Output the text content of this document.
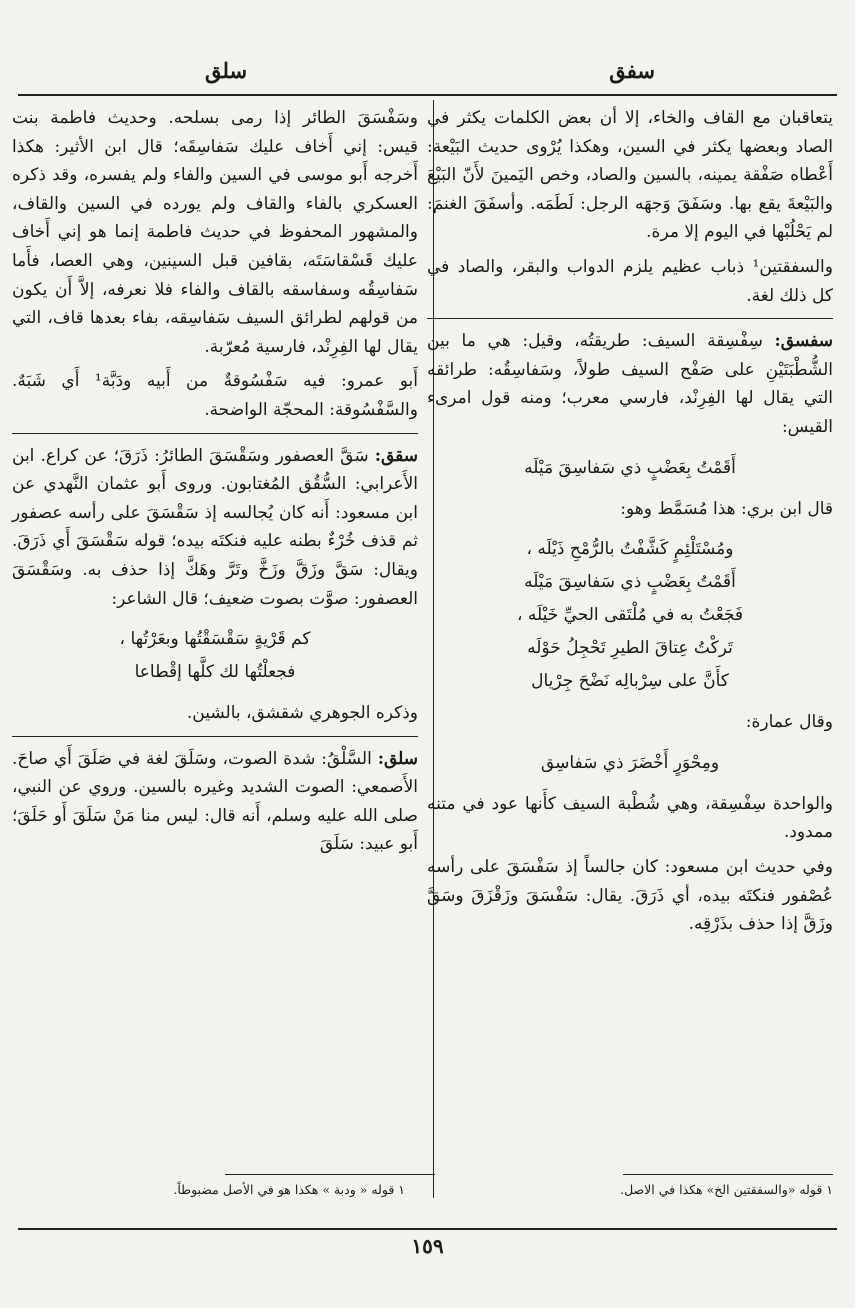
سفق
سلق

يتعاقبان مع القاف والخاء، إلا أن بعض الكلمات يكثر في الصاد وبعضها يكثر في السين، وهكذا يُرْوى حديث البَيْعة: أَعْطاه صَفْقة يمينه، بالسين والصاد، وخص اليَمينَ لأَنّ البَيْعَ والبَيْعةَ يقع بها. وسَفَقَ وَجهَه الرجل: لَطَمَه. وأسفَقَ الغنمَ: لم يَحْلُبْها في اليوم إلا مرة.

والسفقتين¹ ذباب عظيم يلزم الدواب والبقر، والصاد في كل ذلك لغة.

سفسق: سِفْسِقة السيف: طريقتُه، وقيل: هي ما بين الشُّطْبَتَيْنِ على صَفْح السيف طولاً، وسَفاسِقُه: طرائقه التي يقال لها الفِرِنْد، فارسي معرب؛ ومنه قول امرىء القيس:

أَقَمْتُ بِعَضْبٍ ذي سَفاسِقَ مَيْلَه

قال ابن بري: هذا مُسَمَّط وهو:

ومُسْتَلْئِمٍ كَشَّفْتُ بالرُّمْحِ ذَيْلَه ،
أَقَمْتُ بِعَضْبٍ ذي سَفاسِقَ مَيْلَه
فَجَعْتُ به في مُلْتَقى الحيِّ خَيْلَه ،
تَركْتُ عِتاقَ الطيرِ تَحْجِلُ حَوْلَه
كأَنَّ على سِرْبالِه نَضْحَ جِرْيال

وقال عمارة:

ومِحْوَرٍ أَخْضَرَ ذي سَفاسِق

والواحدة سِفْسِقة، وهي شُطْبة السيف كأَنها عود في متنه ممدود.

وفي حديث ابن مسعود: كان جالساً إذ سَفْسَقَ على رأسه عُصْفور فنكتَه بيده، أي ذَرَقَ. يقال: سَفْسَقَ وزَقْزَقَ وسَقَّ وزَقَّ إذا حذف بذَرْقِه.

وسَفْسَقَ الطائر إذا رمى بسلحه. وحديث فاطمة بنت قيس: إني أَخاف عليك سَفاسِقَه؛ قال ابن الأثير: هكذا أَخرجه أَبو موسى في السين والفاء ولم يفسره، وقد ذكره العسكري بالفاء والقاف ولم يورده في السين والقاف، والمشهور المحفوظ في حديث فاطمة إنما هو إني أَخاف عليك قَسْقاسَتَه، بقافين قبل السينين، وهي العصا، فأَما سَفاسِقُه وسفاسقه بالقاف والفاء فلا نعرفه، إلاَّ أَن يكون من قولهم لطرائق السيف سَفاسِقه، بفاء بعدها قاف، التي يقال لها الفِرِنْد، فارسية مُعرّبة.

أَبو عمرو: فيه سَفْسُوقةٌ من أَبيه ودَبَّة¹ أَي شَبَهٌ. والسَّفْسُوقة: المحجّة الواضحة.

سقق: سَقَّ العصفور وسَقْسَقَ الطائرُ: ذَرَقَ؛ عن كراع. ابن الأَعرابي: السُّقُق المُغتابون. وروى أَبو عثمان النَّهدي عن ابن مسعود: أَنه كان يُجالسه إذ سَقْسَقَ على رأسه عصفور ثم قذف خُرْءٌ بطنه عليه فنكتَه بيده؛ قوله سَقْسَقَ أَي ذَرَقَ. ويقال: سَقَّ وزَقَّ وزَخَّ وتَرَّ وهَكَّ إذا حذف به. وسَقْسَقَ العصفور: صوَّت بصوت ضعيف؛ قال الشاعر:

كم قَرْيةٍ سَقْسَقْتُها وبعَرْتُها ،
فجعلْتُها لك كلَّها إقْطاعا

وذكره الجوهري شقشق، بالشين.

سلق: السَّلْقُ: شدة الصوت، وسَلَقَ لغة في صَلَقَ أَي صاحَ. الأَصمعي: الصوت الشديد وغيره بالسين. وروي عن النبي، صلى الله عليه وسلم، أَنه قال: ليس منا مَنْ سَلَقَ أَو حَلَقَ؛ أَبو عبيد: سَلَقَ

١ قوله «والسفقتين الخ» هكذا في الاصل.
١ قوله « ودبة » هكذا هو في الأصل مضبوطاً.
١٥٩
